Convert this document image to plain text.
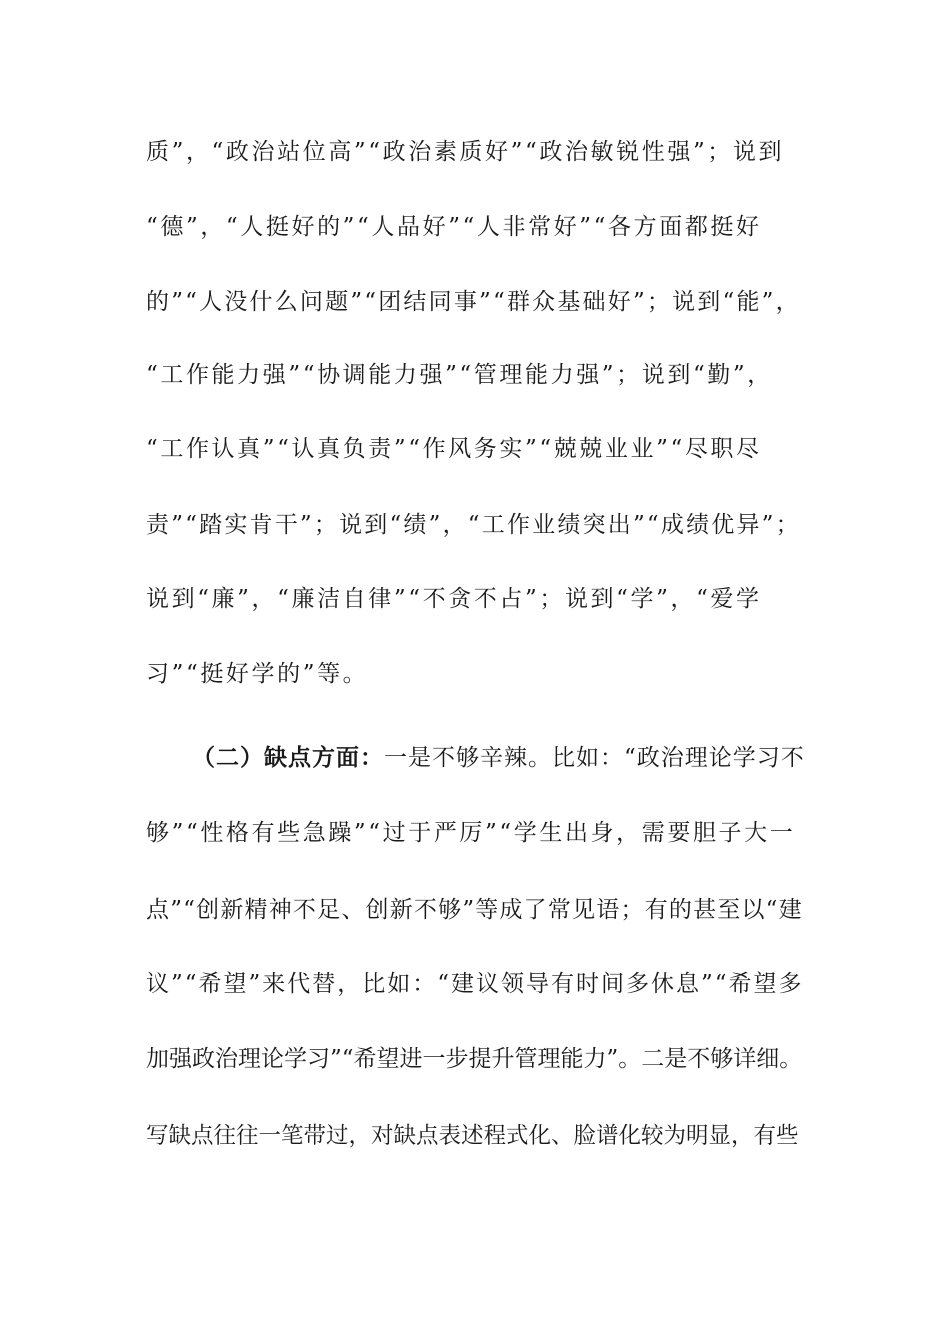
质”，“政治站位高”“政治素质好”“政治敏锐性强”；说到
“德”，“人挺好的”“人品好”“人非常好”“各方面都挺好
的”“人没什么问题”“团结同事”“群众基础好”；说到“能”，
“工作能力强”“协调能力强”“管理能力强”；说到“勤”，
“工作认真”“认真负责”“作风务实”“兢兢业业”“尽职尽
责”“踏实肯干”；说到“绩”，“工作业绩突出”“成绩优异”；
说到“廉”，“廉洁自律”“不贪不占”；说到“学”，“爱学
习”“挺好学的”等。
（二）缺点方面：一是不够辛辣。比如：“政治理论学习不
够”“性格有些急躁”“过于严厉”“学生出身，需要胆子大一
点”“创新精神不足、创新不够”等成了常见语；有的甚至以“建
议”“希望”来代替，比如：“建议领导有时间多休息”“希望多
加强政治理论学习”“希望进一步提升管理能力”。二是不够详细。
写缺点往往一笔带过，对缺点表述程式化、脸谱化较为明显，有些
